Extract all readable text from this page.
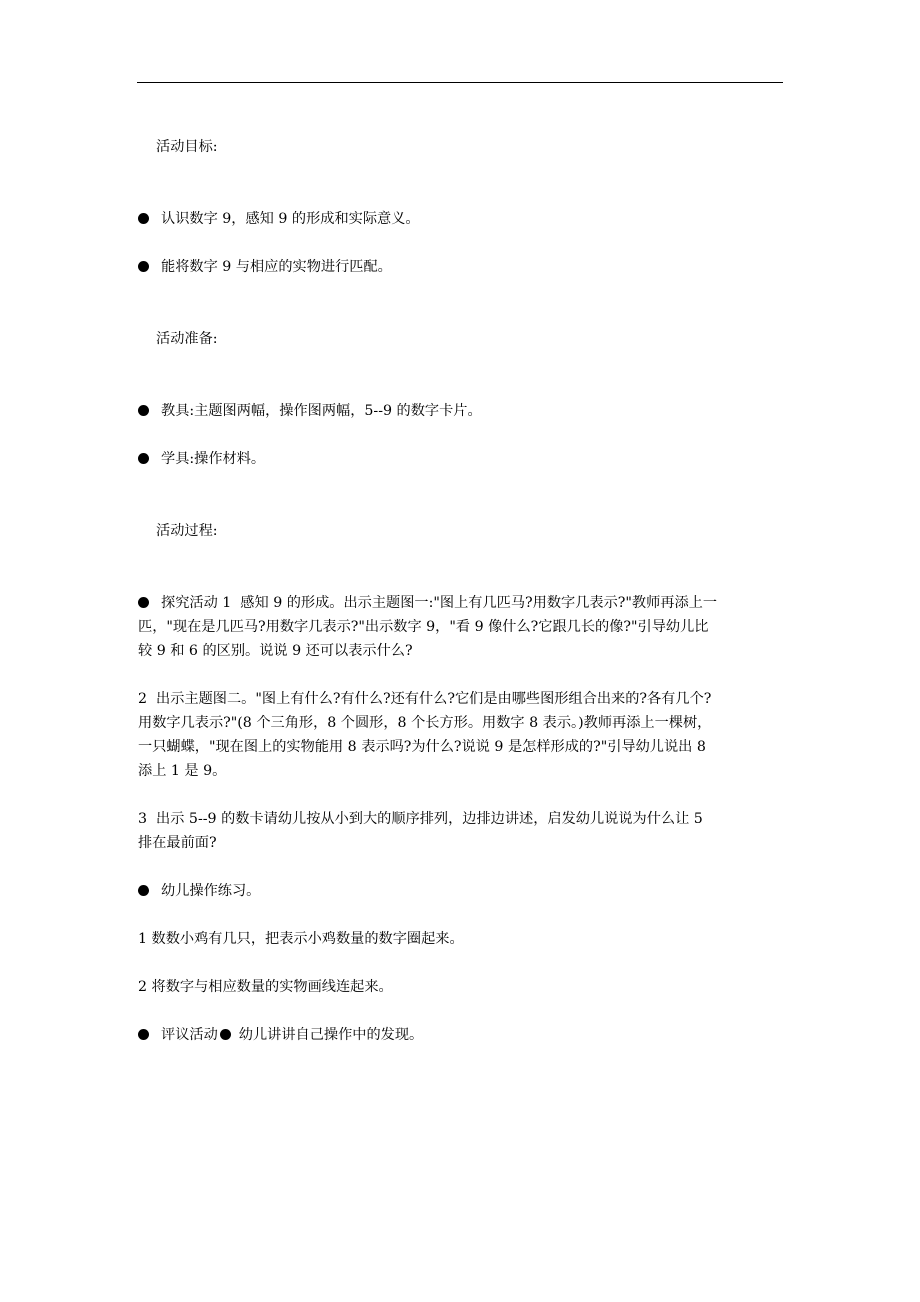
活动目标:

认识数字 9，感知 9 的形成和实际意义。

能将数字 9 与相应的实物进行匹配。

活动准备:

教具:主题图两幅，操作图两幅，5--9 的数字卡片。

学具:操作材料。

活动过程:

探究活动 1  感知 9 的形成。出示主题图一:"图上有几匹马?用数字几表示?"教师再添上一
匹，"现在是几匹马?用数字几表示?"出示数字 9，"看 9 像什么?它跟几长的像?"引导幼儿比
较 9 和 6 的区别。说说 9 还可以表示什么?

2  出示主题图二。"图上有什么?有什么?还有什么?它们是由哪些图形组合出来的?各有几个?
用数字几表示?"(8 个三角形，8 个圆形，8 个长方形。用数字 8 表示。)教师再添上一棵树，
一只蝴蝶，"现在图上的实物能用 8 表示吗?为什么?说说 9 是怎样形成的?"引导幼儿说出 8
添上 1 是 9。

3  出示 5--9 的数卡请幼儿按从小到大的顺序排列，边排边讲述，启发幼儿说说为什么让 5
排在最前面?

幼儿操作练习。

1 数数小鸡有几只，把表示小鸡数量的数字圈起来。

2 将数字与相应数量的实物画线连起来。

评议活动 幼儿讲讲自己操作中的发现。
